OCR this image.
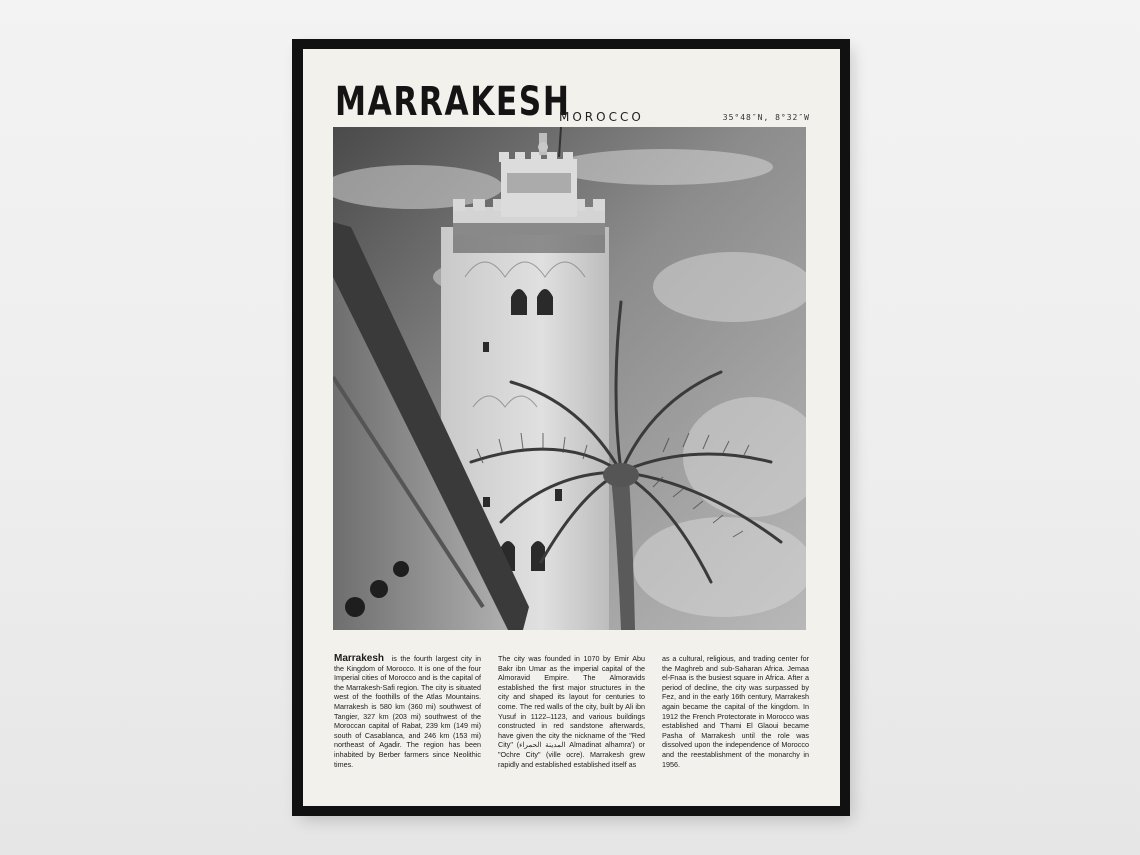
MARRAKESH
MOROCCO	35°48″N, 8°32″W

Marrakesh is the fourth largest city in the Kingdom of Morocco. It is one of the four Imperial cities of Morocco and is the capital of the Marrakesh-Safi region. The city is situated west of the foothills of the Atlas Mountains. Marrakesh is 580 km (360 mi) southwest of Tangier, 327 km (203 mi) southwest of the Moroccan capital of Rabat, 239 km (149 mi) south of Casablanca, and 246 km (153 mi) northeast of Agadir. The region has been inhabited by Berber farmers since Neolithic times.

The city was founded in 1070 by Emir Abu Bakr ibn Umar as the imperial capital of the Almoravid Empire. The Almoravids established the first major structures in the city and shaped its layout for centuries to come. The red walls of the city, built by Ali ibn Yusuf in 1122–1123, and various buildings constructed in red sandstone afterwards, have given the city the nickname of the "Red City" (المدينة الحمراء Almadinat alhamra') or "Ochre City" (ville ocre). Marrakesh grew rapidly and established established itself as

as a cultural, religious, and trading center for the Maghreb and sub-Saharan Africa. Jemaa el-Fnaa is the busiest square in Africa. After a period of decline, the city was surpassed by Fez, and in the early 16th century, Marrakesh again became the capital of the kingdom. In 1912 the French Protectorate in Morocco was established and T'hami El Glaoui became Pasha of Marrakesh until the role was dissolved upon the independence of Morocco and the reestablishment of the monarchy in 1956.
